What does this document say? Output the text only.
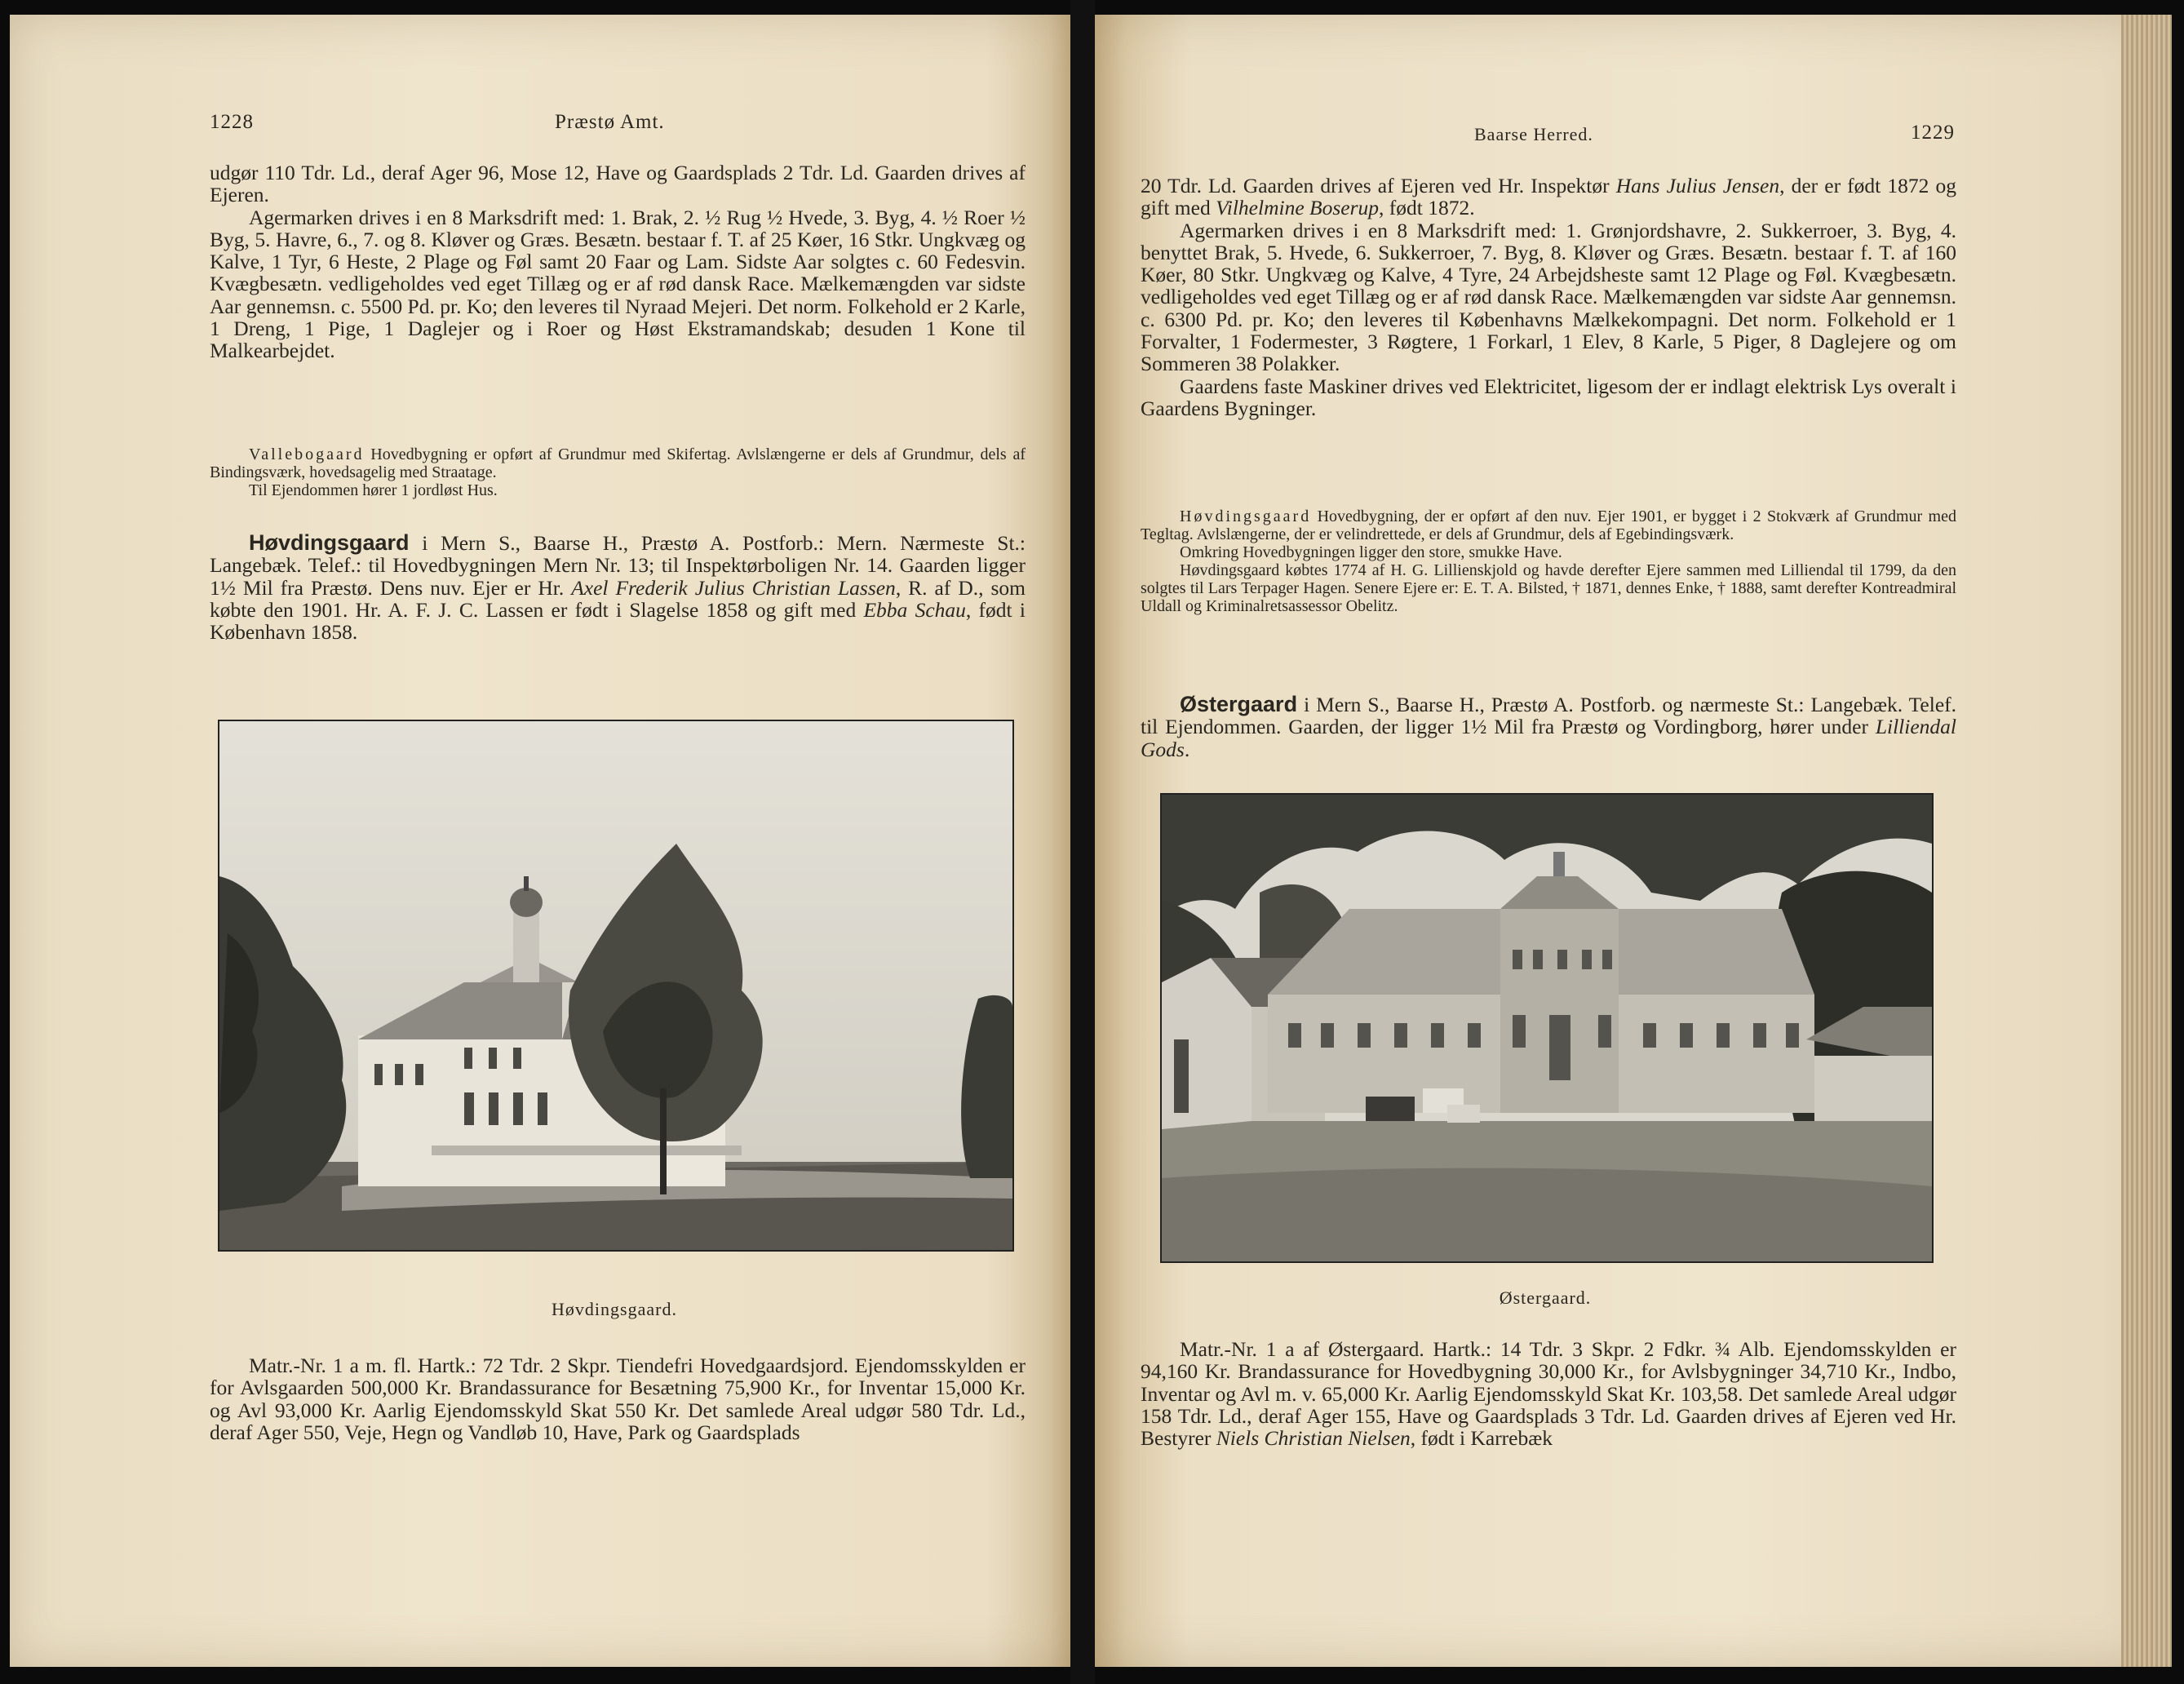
1228	Præstø Amt.

udgør 110 Tdr. Ld., deraf Ager 96, Mose 12, Have og Gaardsplads 2 Tdr. Ld. Gaarden drives af Ejeren.

Agermarken drives i en 8 Marksdrift med: 1. Brak, 2. ½ Rug ½ Hvede, 3. Byg, 4. ½ Roer ½ Byg, 5. Havre, 6., 7. og 8. Kløver og Græs. Besætn. bestaar f. T. af 25 Køer, 16 Stkr. Ungkvæg og Kalve, 1 Tyr, 6 Heste, 2 Plage og Føl samt 20 Faar og Lam. Sidste Aar solgtes c. 60 Fedesvin. Kvægbesætn. vedligeholdes ved eget Tillæg og er af rød dansk Race. Mælkemængden var sidste Aar gennemsn. c. 5500 Pd. pr. Ko; den leveres til Nyraad Mejeri. Det norm. Folkehold er 2 Karle, 1 Dreng, 1 Pige, 1 Daglejer og i Roer og Høst Ekstramandskab; desuden 1 Kone til Malkearbejdet.

Vallebogaard Hovedbygning er opført af Grundmur med Skifertag. Avlslængerne er dels af Grundmur, dels af Bindingsværk, hovedsagelig med Straatage.

Til Ejendommen hører 1 jordløst Hus.

Høvdingsgaard i Mern S., Baarse H., Præstø A. Postforb.: Mern. Nærmeste St.: Langebæk. Telef.: til Hovedbygningen Mern Nr. 13; til Inspektørboligen Nr. 14. Gaarden ligger 1½ Mil fra Præstø. Dens nuv. Ejer er Hr. Axel Frederik Julius Christian Lassen, R. af D., som købte den 1901. Hr. A. F. J. C. Lassen er født i Slagelse 1858 og gift med Ebba Schau, født i København 1858.

Høvdingsgaard.

Matr.-Nr. 1 a m. fl. Hartk.: 72 Tdr. 2 Skpr. Tiendefri Hovedgaardsjord. Ejendomsskylden er for Avlsgaarden 500,000 Kr. Brandassurance for Besætning 75,900 Kr., for Inventar 15,000 Kr. og Avl 93,000 Kr. Aarlig Ejendomsskyld Skat 550 Kr. Det samlede Areal udgør 580 Tdr. Ld., deraf Ager 550, Veje, Hegn og Vandløb 10, Have, Park og Gaardsplads

Baarse Herred.	1229

20 Tdr. Ld. Gaarden drives af Ejeren ved Hr. Inspektør Hans Julius Jensen, der er født 1872 og gift med Vilhelmine Boserup, født 1872.

Agermarken drives i en 8 Marksdrift med: 1. Grønjordshavre, 2. Sukkerroer, 3. Byg, 4. benyttet Brak, 5. Hvede, 6. Sukkerroer, 7. Byg, 8. Kløver og Græs. Besætn. bestaar f. T. af 160 Køer, 80 Stkr. Ungkvæg og Kalve, 4 Tyre, 24 Arbejdsheste samt 12 Plage og Føl. Kvægbesætn. vedligeholdes ved eget Tillæg og er af rød dansk Race. Mælkemængden var sidste Aar gennemsn. c. 6300 Pd. pr. Ko; den leveres til Københavns Mælkekompagni. Det norm. Folkehold er 1 Forvalter, 1 Fodermester, 3 Røgtere, 1 Forkarl, 1 Elev, 8 Karle, 5 Piger, 8 Daglejere og om Sommeren 38 Polakker.

Gaardens faste Maskiner drives ved Elektricitet, ligesom der er indlagt elektrisk Lys overalt i Gaardens Bygninger.

Høvdingsgaard Hovedbygning, der er opført af den nuv. Ejer 1901, er bygget i 2 Stokværk af Grundmur med Tegltag. Avlslængerne, der er velindrettede, er dels af Grundmur, dels af Egebindingsværk.

Omkring Hovedbygningen ligger den store, smukke Have.

Høvdingsgaard købtes 1774 af H. G. Lillienskjold og havde derefter Ejere sammen med Lilliendal til 1799, da den solgtes til Lars Terpager Hagen. Senere Ejere er: E. T. A. Bilsted, † 1871, dennes Enke, † 1888, samt derefter Kontreadmiral Uldall og Kriminalretsassessor Obelitz.

Østergaard i Mern S., Baarse H., Præstø A. Postforb. og nærmeste St.: Langebæk. Telef. til Ejendommen. Gaarden, der ligger 1½ Mil fra Præstø og Vordingborg, hører under Lilliendal Gods.

Østergaard.

Matr.-Nr. 1 a af Østergaard. Hartk.: 14 Tdr. 3 Skpr. 2 Fdkr. ¾ Alb. Ejendomsskylden er 94,160 Kr. Brandassurance for Hovedbygning 30,000 Kr., for Avlsbygninger 34,710 Kr., Indbo, Inventar og Avl m. v. 65,000 Kr. Aarlig Ejendomsskyld Skat Kr. 103,58. Det samlede Areal udgør 158 Tdr. Ld., deraf Ager 155, Have og Gaardsplads 3 Tdr. Ld. Gaarden drives af Ejeren ved Hr. Bestyrer Niels Christian Nielsen, født i Karrebæk
